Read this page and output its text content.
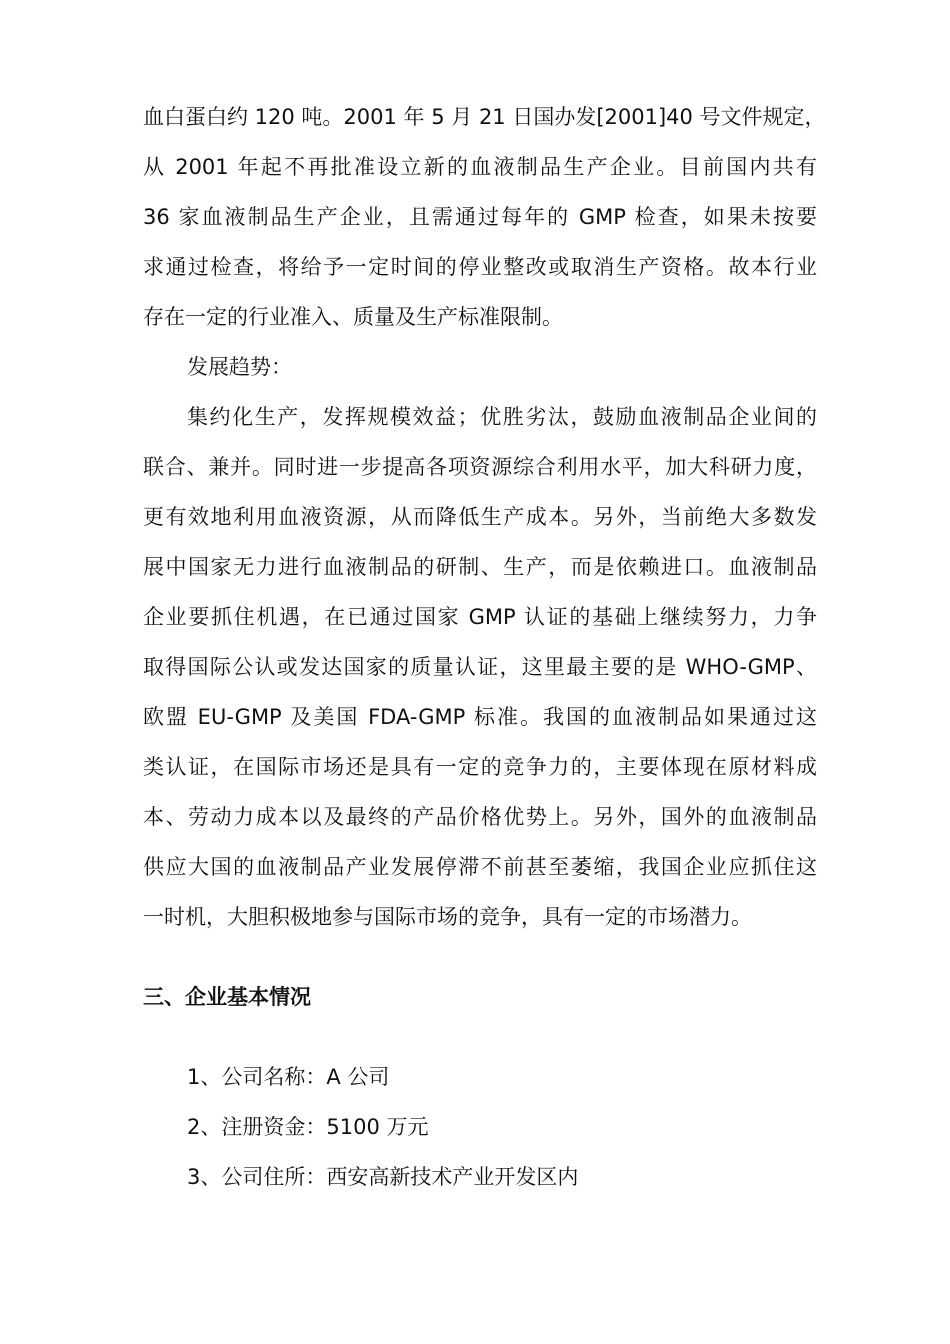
血白蛋白约 120 吨。2001 年 5 月 21 日国办发[2001]40 号文件规定，
从 2001 年起不再批准设立新的血液制品生产企业。目前国内共有
36 家血液制品生产企业，且需通过每年的 GMP 检查，如果未按要
求通过检查，将给予一定时间的停业整改或取消生产资格。故本行业
存在一定的行业准入、质量及生产标准限制。
发展趋势：
集约化生产，发挥规模效益；优胜劣汰，鼓励血液制品企业间的
联合、兼并。同时进一步提高各项资源综合利用水平，加大科研力度，
更有效地利用血液资源，从而降低生产成本。另外，当前绝大多数发
展中国家无力进行血液制品的研制、生产，而是依赖进口。血液制品
企业要抓住机遇，在已通过国家 GMP 认证的基础上继续努力，力争
取得国际公认或发达国家的质量认证，这里最主要的是 WHO-GMP、
欧盟 EU-GMP 及美国 FDA-GMP 标准。我国的血液制品如果通过这
类认证，在国际市场还是具有一定的竞争力的，主要体现在原材料成
本、劳动力成本以及最终的产品价格优势上。另外，国外的血液制品
供应大国的血液制品产业发展停滞不前甚至萎缩，我国企业应抓住这
一时机，大胆积极地参与国际市场的竞争，具有一定的市场潜力。
三、企业基本情况
1、公司名称：A 公司
2、注册资金：5100 万元
3、公司住所：西安高新技术产业开发区内
